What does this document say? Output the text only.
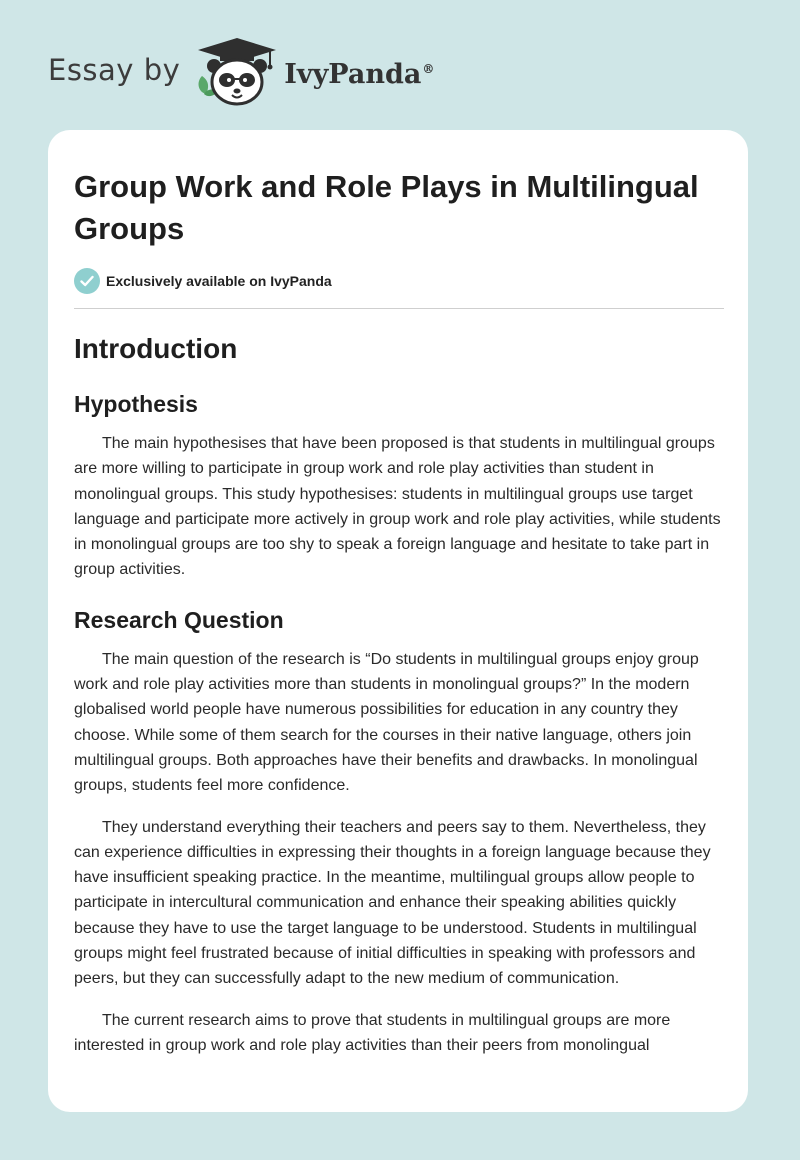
Essay by	IvyPanda®
Group Work and Role Plays in Multilingual Groups
Exclusively available on IvyPanda
Introduction
Hypothesis

The main hypothesises that have been proposed is that students in multilingual groups are more willing to participate in group work and role play activities than student in monolingual groups. This study hypothesises: students in multilingual groups use target language and participate more actively in group work and role play activities, while students in monolingual groups are too shy to speak a foreign language and hesitate to take part in group activities.

Research Question

The main question of the research is “Do students in multilingual groups enjoy group work and role play activities more than students in monolingual groups?” In the modern globalised world people have numerous possibilities for education in any country they choose. While some of them search for the courses in their native language, others join multilingual groups. Both approaches have their benefits and drawbacks. In monolingual groups, students feel more confidence.

They understand everything their teachers and peers say to them. Nevertheless, they can experience difficulties in expressing their thoughts in a foreign language because they have insufficient speaking practice. In the meantime, multilingual groups allow people to participate in intercultural communication and enhance their speaking abilities quickly because they have to use the target language to be understood. Students in multilingual groups might feel frustrated because of initial difficulties in speaking with professors and peers, but they can successfully adapt to the new medium of communication.

The current research aims to prove that students in multilingual groups are more interested in group work and role play activities than their peers from monolingual
